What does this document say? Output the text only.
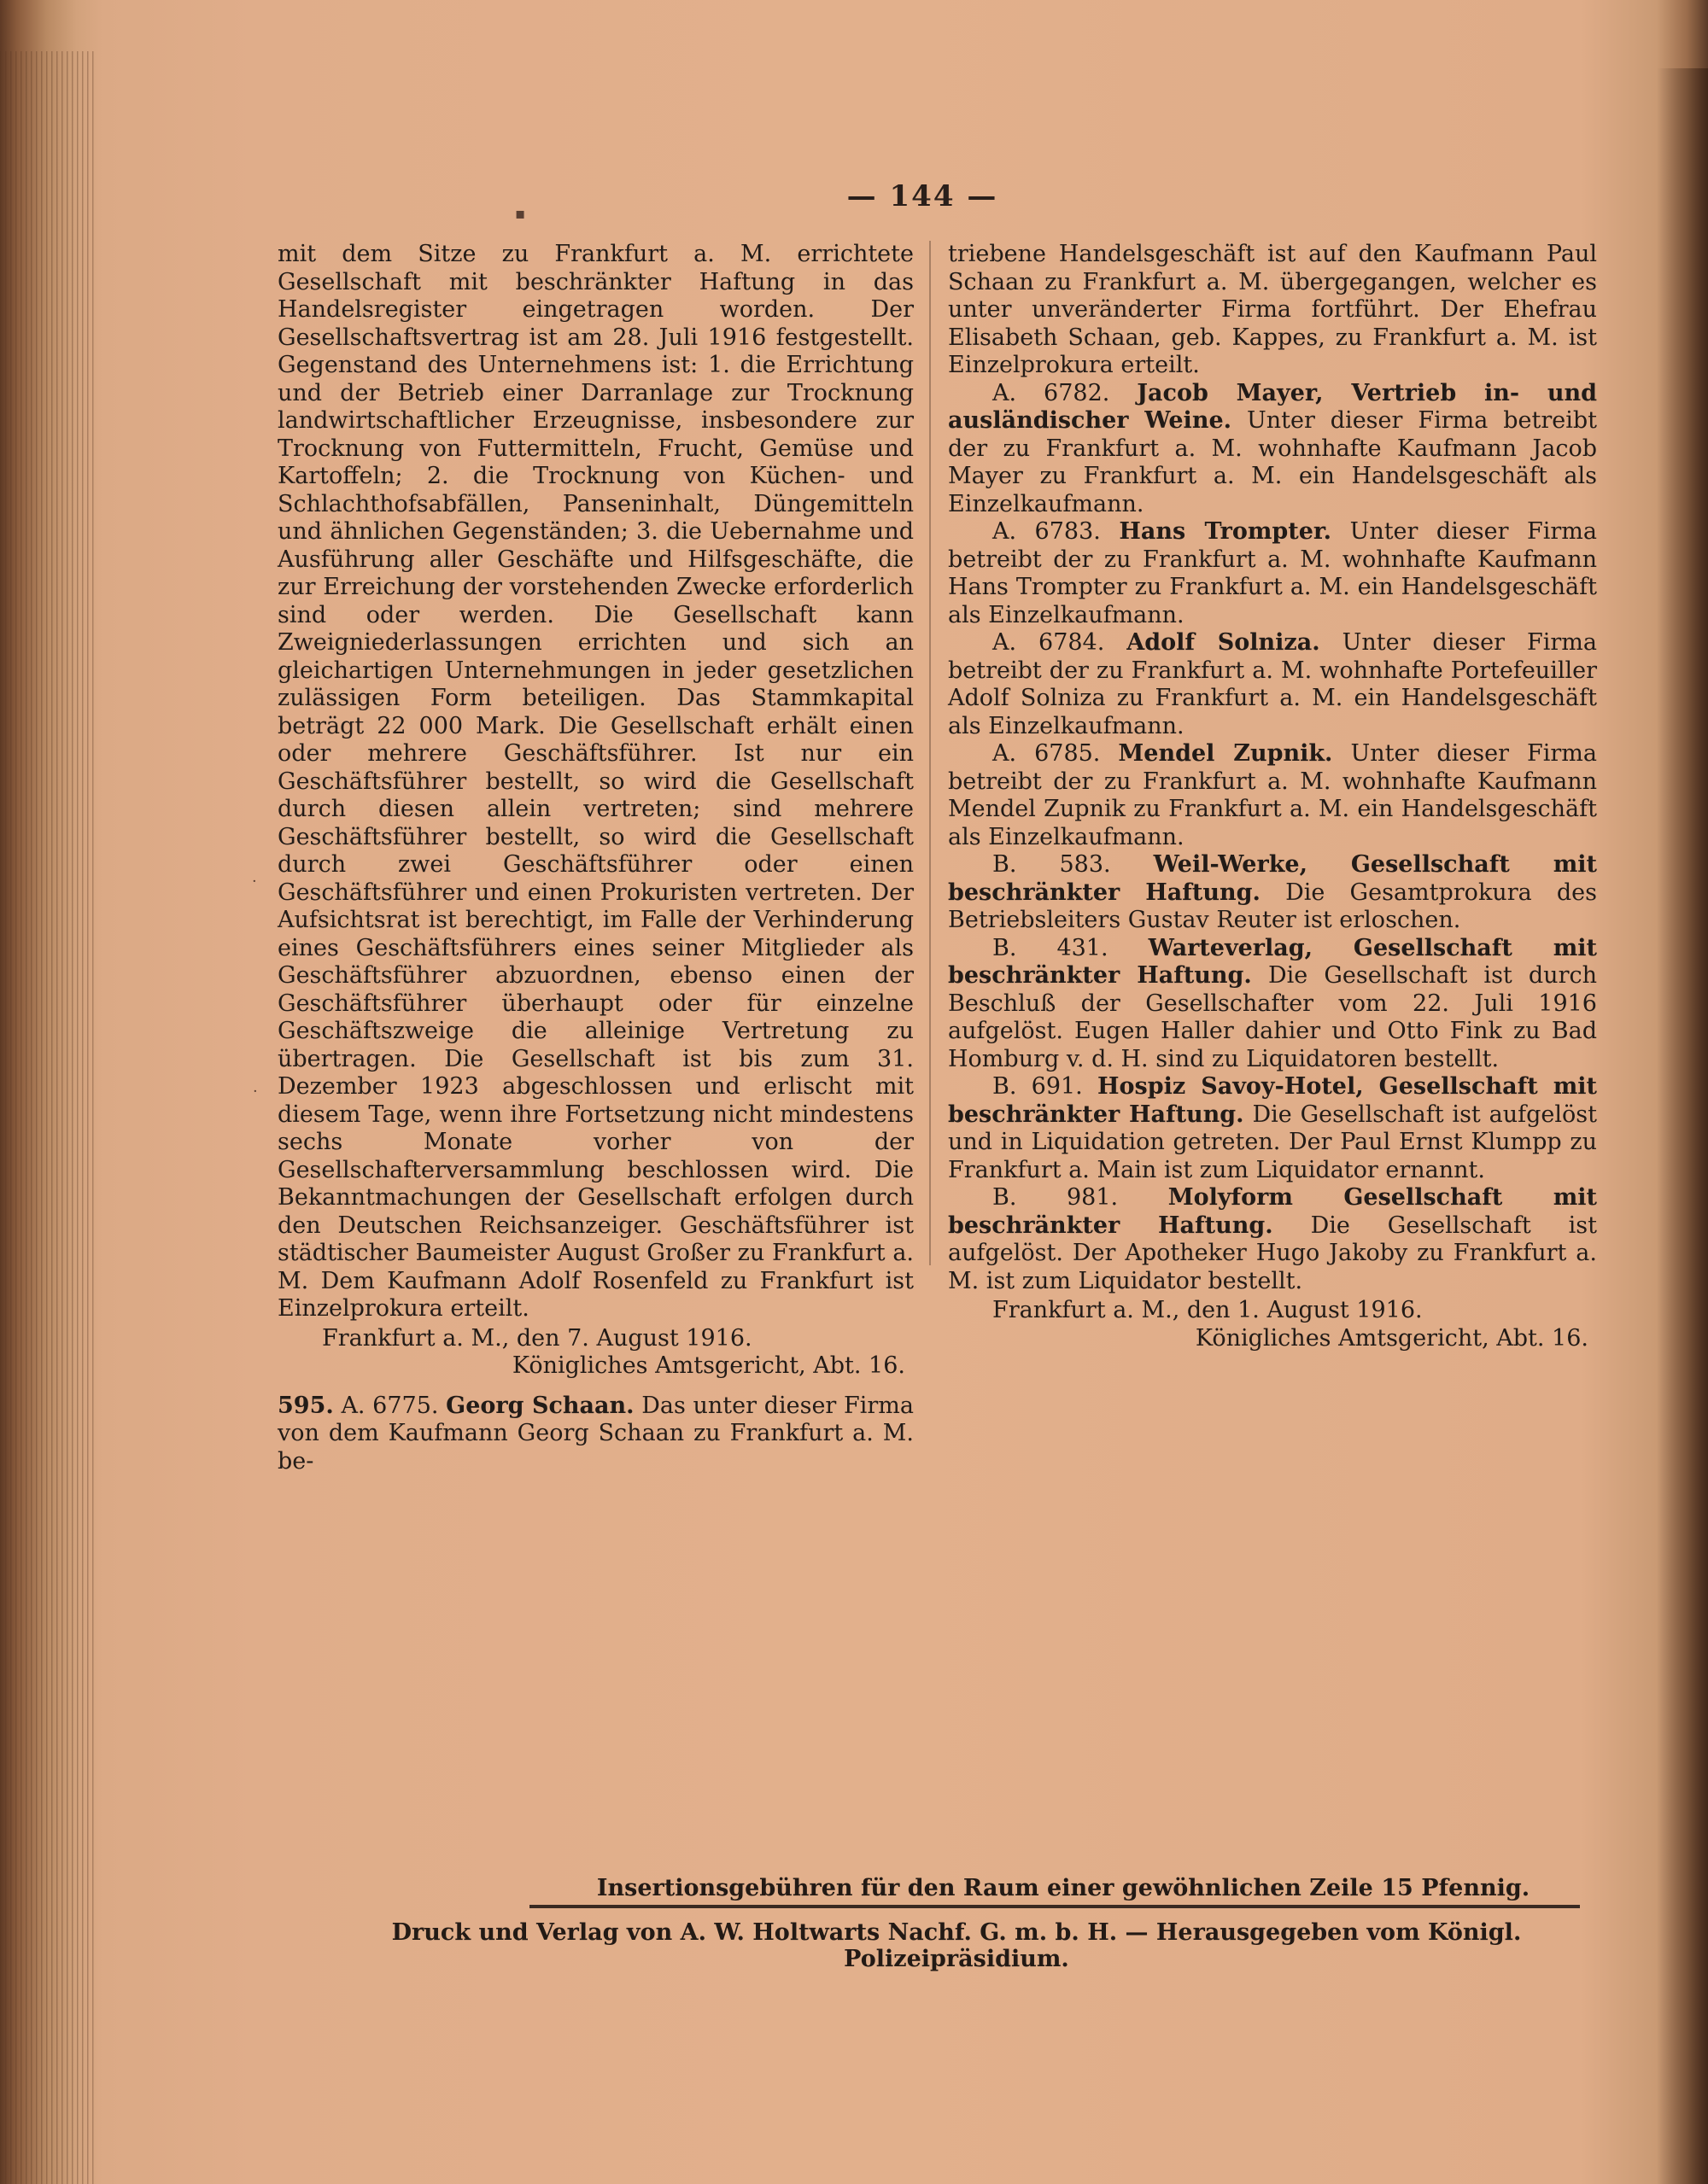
— 144 —

mit dem Sitze zu Frankfurt a. M. errichtete Gesellschaft mit beschränkter Haftung in das Handelsregister eingetragen worden. Der Gesellschaftsvertrag ist am 28. Juli 1916 festgestellt. Gegenstand des Unternehmens ist: 1. die Errichtung und der Betrieb einer Darranlage zur Trocknung landwirtschaftlicher Erzeugnisse, insbesondere zur Trocknung von Futtermitteln, Frucht, Gemüse und Kartoffeln; 2. die Trocknung von Küchen- und Schlachthofsabfällen, Panseninhalt, Düngemitteln und ähnlichen Gegenständen; 3. die Uebernahme und Ausführung aller Geschäfte und Hilfsgeschäfte, die zur Erreichung der vorstehenden Zwecke erforderlich sind oder werden. Die Gesellschaft kann Zweigniederlassungen errichten und sich an gleichartigen Unternehmungen in jeder gesetzlichen zulässigen Form beteiligen. Das Stammkapital beträgt 22 000 Mark. Die Gesellschaft erhält einen oder mehrere Geschäftsführer. Ist nur ein Geschäftsführer bestellt, so wird die Gesellschaft durch diesen allein vertreten; sind mehrere Geschäftsführer bestellt, so wird die Gesellschaft durch zwei Geschäftsführer oder einen Geschäftsführer und einen Prokuristen vertreten. Der Aufsichtsrat ist berechtigt, im Falle der Verhinderung eines Geschäftsführers eines seiner Mitglieder als Geschäftsführer abzuordnen, ebenso einen der Geschäftsführer überhaupt oder für einzelne Geschäftszweige die alleinige Vertretung zu übertragen. Die Gesellschaft ist bis zum 31. Dezember 1923 abgeschlossen und erlischt mit diesem Tage, wenn ihre Fortsetzung nicht mindestens sechs Monate vorher von der Gesellschafterversammlung beschlossen wird. Die Bekanntmachungen der Gesellschaft erfolgen durch den Deutschen Reichsanzeiger. Geschäftsführer ist städtischer Baumeister August Großer zu Frankfurt a. M. Dem Kaufmann Adolf Rosenfeld zu Frankfurt ist Einzelprokura erteilt.

Frankfurt a. M., den 7. August 1916.

Königliches Amtsgericht, Abt. 16.

595. A. 6775. Georg Schaan. Das unter dieser Firma von dem Kaufmann Georg Schaan zu Frankfurt a. M. be-

triebene Handelsgeschäft ist auf den Kaufmann Paul Schaan zu Frankfurt a. M. übergegangen, welcher es unter unveränderter Firma fortführt. Der Ehefrau Elisabeth Schaan, geb. Kappes, zu Frankfurt a. M. ist Einzelprokura erteilt.

A. 6782. Jacob Mayer, Vertrieb in- und ausländischer Weine. Unter dieser Firma betreibt der zu Frankfurt a. M. wohnhafte Kaufmann Jacob Mayer zu Frankfurt a. M. ein Handelsgeschäft als Einzelkaufmann.

A. 6783. Hans Trompter. Unter dieser Firma betreibt der zu Frankfurt a. M. wohnhafte Kaufmann Hans Trompter zu Frankfurt a. M. ein Handelsgeschäft als Einzelkaufmann.

A. 6784. Adolf Solniza. Unter dieser Firma betreibt der zu Frankfurt a. M. wohnhafte Portefeuiller Adolf Solniza zu Frankfurt a. M. ein Handelsgeschäft als Einzelkaufmann.

A. 6785. Mendel Zupnik. Unter dieser Firma betreibt der zu Frankfurt a. M. wohnhafte Kaufmann Mendel Zupnik zu Frankfurt a. M. ein Handelsgeschäft als Einzelkaufmann.

B. 583. Weil-Werke, Gesellschaft mit beschränkter Haftung. Die Gesamtprokura des Betriebsleiters Gustav Reuter ist erloschen.

B. 431. Warteverlag, Gesellschaft mit beschränkter Haftung. Die Gesellschaft ist durch Beschluß der Gesellschafter vom 22. Juli 1916 aufgelöst. Eugen Haller dahier und Otto Fink zu Bad Homburg v. d. H. sind zu Liquidatoren bestellt.

B. 691. Hospiz Savoy-Hotel, Gesellschaft mit beschränkter Haftung. Die Gesellschaft ist aufgelöst und in Liquidation getreten. Der Paul Ernst Klumpp zu Frankfurt a. Main ist zum Liquidator ernannt.

B. 981. Molyform Gesellschaft mit beschränkter Haftung. Die Gesellschaft ist aufgelöst. Der Apotheker Hugo Jakoby zu Frankfurt a. M. ist zum Liquidator bestellt.

Frankfurt a. M., den 1. August 1916.

Königliches Amtsgericht, Abt. 16.

Insertionsgebühren für den Raum einer gewöhnlichen Zeile 15 Pfennig.
Druck und Verlag von A. W. Holtwarts Nachf. G. m. b. H. — Herausgegeben vom Königl. Polizeipräsidium.
▪
·
·
